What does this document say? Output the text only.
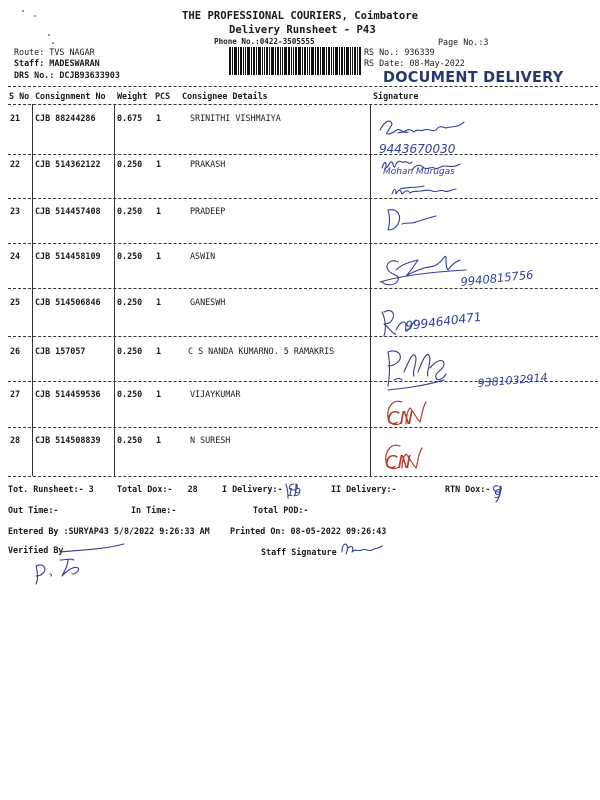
THE PROFESSIONAL COURIERS, Coimbatore
Delivery Runsheet - P43
Phone No.:0422-3505555	Page No.:3
Route: TVS NAGAR
Staff: MADESWARAN
DRS No.: DCJB93633903
RS No.: 936339
RS Date: 08-May-2022
DOCUMENT DELIVERY
S No Consignment No Weight PCS Consignee Details	Signature
21 CJB 88244286	0.675 1	SRINITHI VISHMAIYA
22 CJB 514362122 0.250 1	PRAKASH
23 CJB 514457408 0.250 1	PRADEEP
24 CJB 514458109 0.250 1	ASWIN
25 CJB 514506846 0.250 1	GANESWH
26 CJB 157057	0.250 1	C S NANDA KUMARNO. 5 RAMAKRIS
27 CJB 514459536 0.250 1	VIJAYKUMAR
28 CJB 514508839 0.250 1	N SURESH
Tot. Runsheet:- 3	Total Dox:-   28	I Delivery:-	II Delivery:-	RTN Dox:-
Out Time:-	In Time:-	Total POD:-
Entered By :SURYAP43 5/8/2022 9:26:33 AM Printed On: 08-05-2022 09:26:43
Verified By	Staff Signature
9443670030
Mohan Murugas
9940815756
9994640471
9381032914
19	9
CN
CN
